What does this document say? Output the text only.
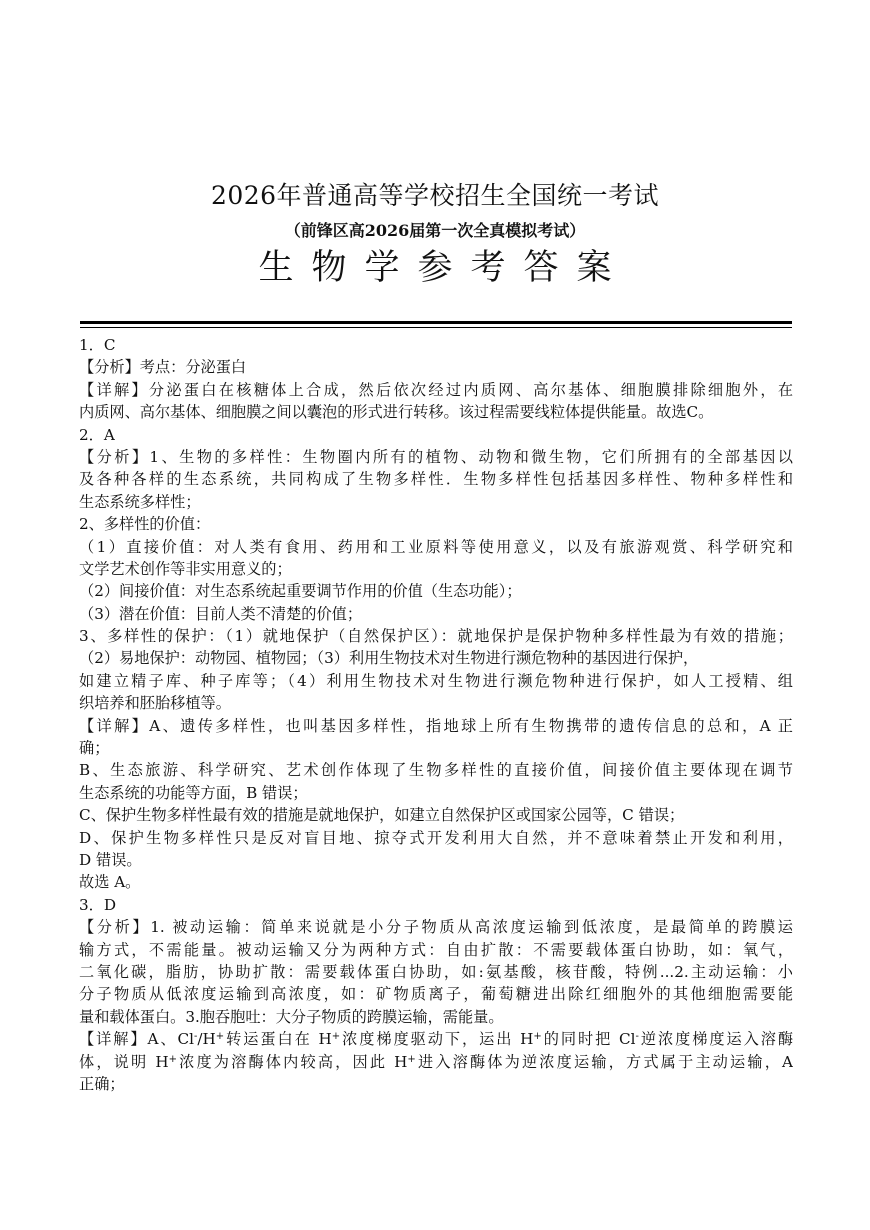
2026年普通高等学校招生全国统一考试
（前锋区高2026届第一次全真模拟考试）
生物学参考答案
1．C
【分析】考点：分泌蛋白
【详解】分泌蛋白在核糖体上合成，然后依次经过内质网、高尔基体、细胞膜排除细胞外，在
内质网、高尔基体、细胞膜之间以囊泡的形式进行转移。该过程需要线粒体提供能量。故选C。
2．A
【分析】1、生物的多样性：生物圈内所有的植物、动物和微生物，它们所拥有的全部基因以
及各种各样的生态系统，共同构成了生物多样性．生物多样性包括基因多样性、物种多样性和
生态系统多样性；
2、多样性的价值：
（1）直接价值：对人类有食用、药用和工业原料等使用意义，以及有旅游观赏、科学研究和
文学艺术创作等非实用意义的；
（2）间接价值：对生态系统起重要调节作用的价值（生态功能）；
（3）潜在价值：目前人类不清楚的价值；
3、多样性的保护：（1）就地保护（自然保护区）：就地保护是保护物种多样性最为有效的措施；
（2）易地保护：动物园、植物园；（3）利用生物技术对生物进行濒危物种的基因进行保护，
如建立精子库、种子库等；（4）利用生物技术对生物进行濒危物种进行保护，如人工授精、组
织培养和胚胎移植等。
【详解】A、遗传多样性，也叫基因多样性，指地球上所有生物携带的遗传信息的总和，A 正
确；
B、生态旅游、科学研究、艺术创作体现了生物多样性的直接价值，间接价值主要体现在调节
生态系统的功能等方面，B 错误；
C、保护生物多样性最有效的措施是就地保护，如建立自然保护区或国家公园等，C 错误；
D、保护生物多样性只是反对盲目地、掠夺式开发利用大自然，并不意味着禁止开发和利用，
D 错误。
故选 A。
3．D
【分析】1. 被动运输：简单来说就是小分子物质从高浓度运输到低浓度，是最简单的跨膜运
输方式，不需能量。被动运输又分为两种方式：自由扩散：不需要载体蛋白协助，如：氧气，
二氧化碳，脂肪，协助扩散：需要载体蛋白协助，如:氨基酸，核苷酸，特例...2.主动运输：小
分子物质从低浓度运输到高浓度，如：矿物质离子，葡萄糖进出除红细胞外的其他细胞需要能
量和载体蛋白。3.胞吞胞吐：大分子物质的跨膜运输，需能量。
【详解】A、Cl-/H+转运蛋白在 H+浓度梯度驱动下，运出 H+的同时把 Cl-逆浓度梯度运入溶酶
体，说明 H+浓度为溶酶体内较高，因此 H+进入溶酶体为逆浓度运输，方式属于主动运输，A
正确；
